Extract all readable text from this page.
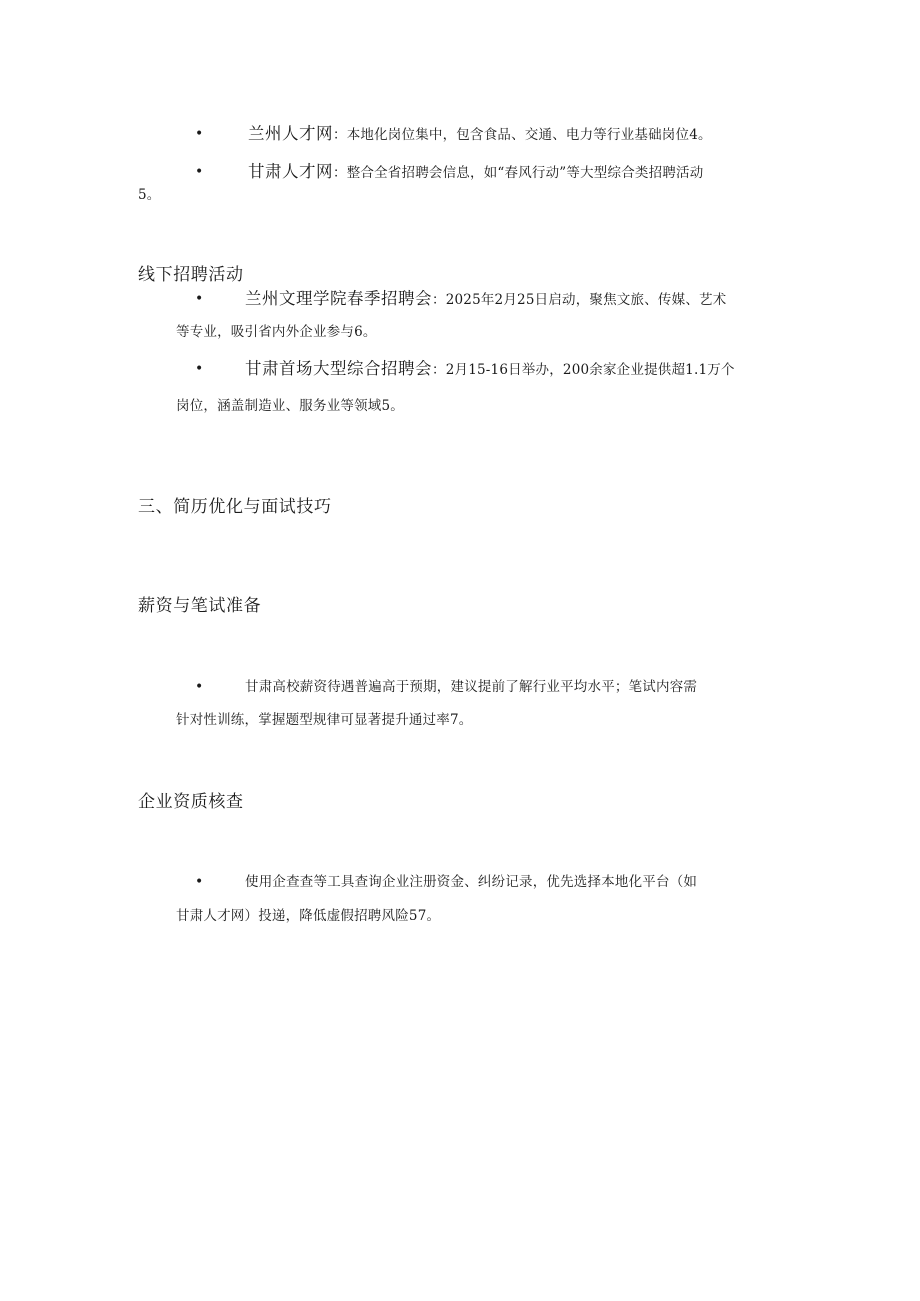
•	兰州人才网：本地化岗位集中，包含食品、交通、电力等行业基础岗位4。
•	甘肃人才网：整合全省招聘会信息，如“春风行动”等大型综合类招聘活动
5。
线下招聘活动
•	兰州文理学院春季招聘会：2025年2月25日启动，聚焦文旅、传媒、艺术
等专业，吸引省内外企业参与6。
•	甘肃首场大型综合招聘会：2月15-16日举办，200余家企业提供超1.1万个
岗位，涵盖制造业、服务业等领域5。
三、简历优化与面试技巧
薪资与笔试准备
•	甘肃高校薪资待遇普遍高于预期，建议提前了解行业平均水平；笔试内容需
针对性训练，掌握题型规律可显著提升通过率7。
企业资质核查
•	使用企查查等工具查询企业注册资金、纠纷记录，优先选择本地化平台（如
甘肃人才网）投递，降低虚假招聘风险57。
